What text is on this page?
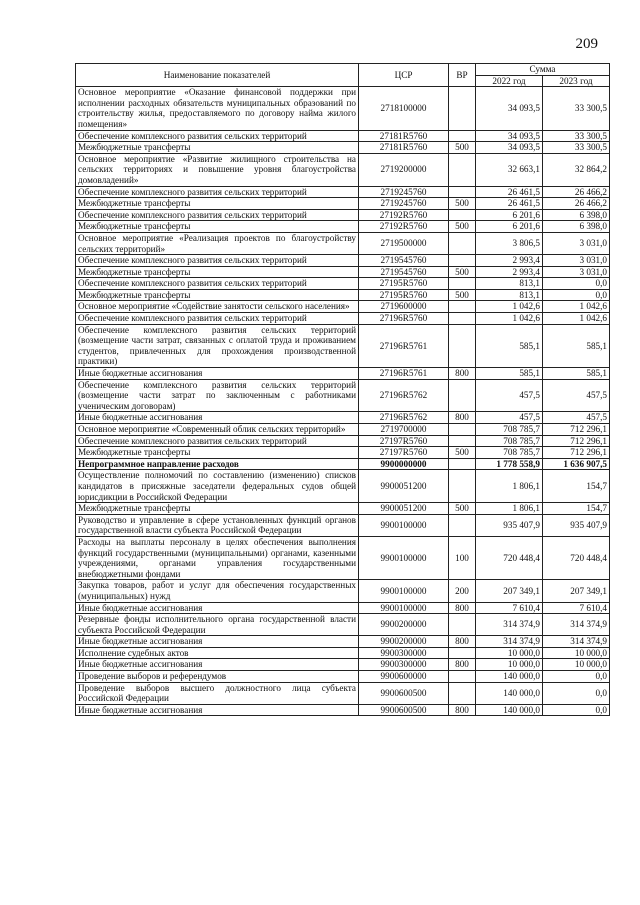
209
Наименование показателей	ЦСР	ВР	Сумма	
			2022 год	2023 год
Основное мероприятие «Оказание финансовой поддержки при исполнении расходных обязательств муниципальных образований по строительству жилья, предоставляемого по договору найма жилого помещения»	2718100000		34 093,5	33 300,5
Обеспечение комплексного развития сельских территорий	27181R5760		34 093,5	33 300,5
Межбюджетные трансферты	27181R5760	500	34 093,5	33 300,5
Основное мероприятие «Развитие жилищного строительства на сельских территориях и повышение уровня благоустройства домовладений»	2719200000		32 663,1	32 864,2
Обеспечение комплексного развития сельских территорий	2719245760		26 461,5	26 466,2
Межбюджетные трансферты	2719245760	500	26 461,5	26 466,2
Обеспечение комплексного развития сельских территорий	27192R5760		6 201,6	6 398,0
Межбюджетные трансферты	27192R5760	500	6 201,6	6 398,0
Основное мероприятие «Реализация проектов по благоустройству сельских территорий»	2719500000		3 806,5	3 031,0
Обеспечение комплексного развития сельских территорий	2719545760		2 993,4	3 031,0
Межбюджетные трансферты	2719545760	500	2 993,4	3 031,0
Обеспечение комплексного развития сельских территорий	27195R5760		813,1	0,0
Межбюджетные трансферты	27195R5760	500	813,1	0,0
Основное мероприятие «Содействие занятости сельского населения»	2719600000		1 042,6	1 042,6
Обеспечение комплексного развития сельских территорий	27196R5760		1 042,6	1 042,6
Обеспечение комплексного развития сельских территорий (возмещение части затрат, связанных с оплатой труда и проживанием студентов, привлеченных для прохождения производственной практики)	27196R5761		585,1	585,1
Иные бюджетные ассигнования	27196R5761	800	585,1	585,1
Обеспечение комплексного развития сельских территорий (возмещение части затрат по заключенным с работниками ученическим договорам)	27196R5762		457,5	457,5
Иные бюджетные ассигнования	27196R5762	800	457,5	457,5
Основное мероприятие «Современный облик сельских территорий»	2719700000		708 785,7	712 296,1
Обеспечение комплексного развития сельских территорий	27197R5760		708 785,7	712 296,1
Межбюджетные трансферты	27197R5760	500	708 785,7	712 296,1
Непрограммное направление расходов	9900000000		1 778 558,9	1 636 907,5
Осуществление полномочий по составлению (изменению) списков кандидатов в присяжные заседатели федеральных судов общей юрисдикции в Российской Федерации	9900051200		1 806,1	154,7
Межбюджетные трансферты	9900051200	500	1 806,1	154,7
Руководство и управление в сфере установленных функций органов государственной власти субъекта Российской Федерации	9900100000		935 407,9	935 407,9
Расходы на выплаты персоналу в целях обеспечения выполнения функций государственными (муниципальными) органами, казенными учреждениями, органами управления государственными внебюджетными фондами	9900100000	100	720 448,4	720 448,4
Закупка товаров, работ и услуг для обеспечения государственных (муниципальных) нужд	9900100000	200	207 349,1	207 349,1
Иные бюджетные ассигнования	9900100000	800	7 610,4	7 610,4
Резервные фонды исполнительного органа государственной власти субъекта Российской Федерации	9900200000		314 374,9	314 374,9
Иные бюджетные ассигнования	9900200000	800	314 374,9	314 374,9
Исполнение судебных актов	9900300000		10 000,0	10 000,0
Иные бюджетные ассигнования	9900300000	800	10 000,0	10 000,0
Проведение выборов и референдумов	9900600000		140 000,0	0,0
Проведение выборов высшего должностного лица субъекта Российской Федерации	9900600500		140 000,0	0,0
Иные бюджетные ассигнования	9900600500	800	140 000,0	0,0
